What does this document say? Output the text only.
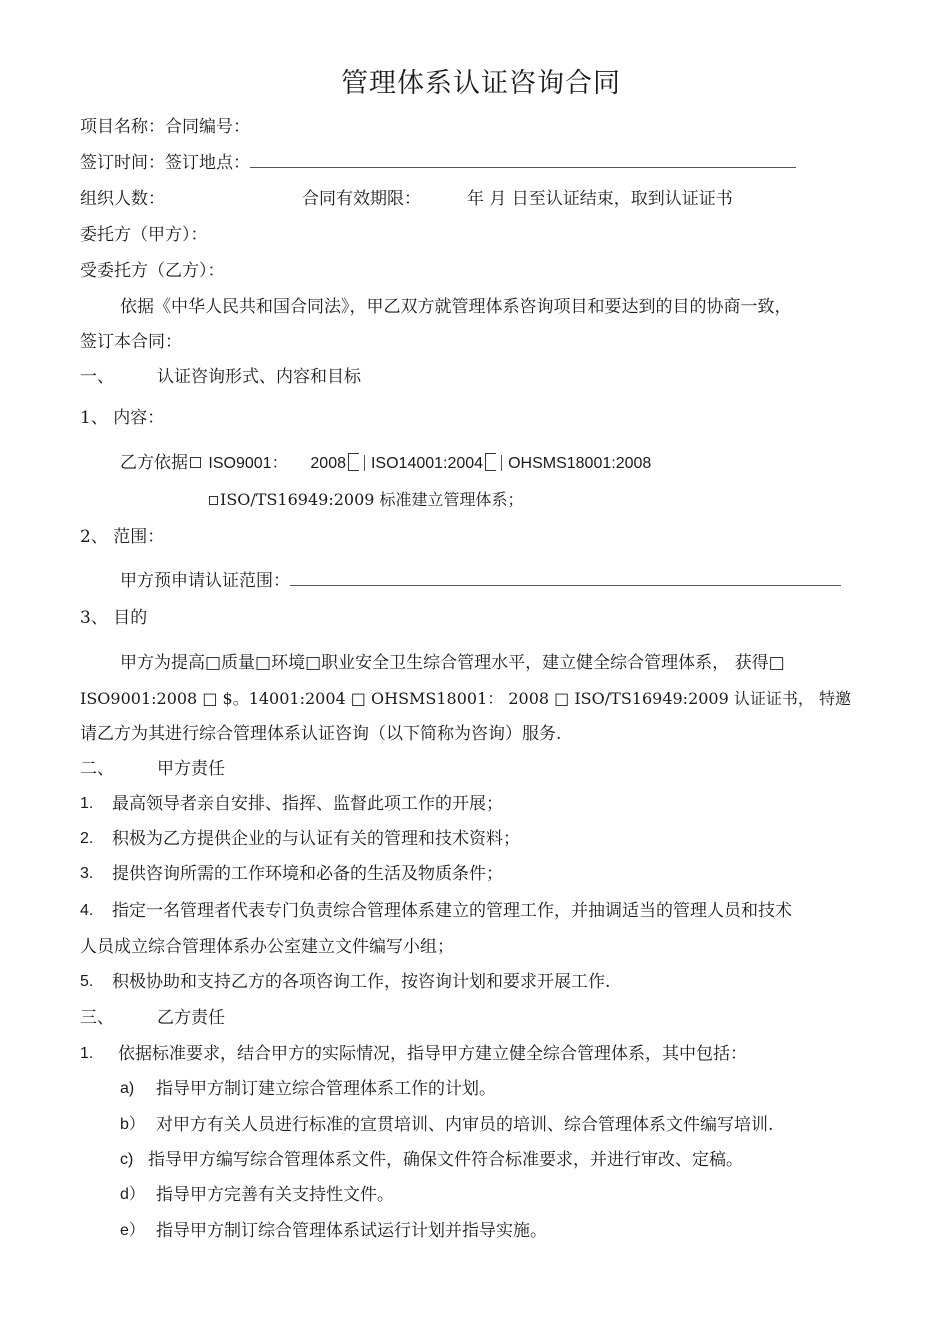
管理体系认证咨询合同
项目名称：合同编号：
签订时间：签订地点：
组织人数：	合同有效期限：	年 月 日至认证结束，取到认证证书
委托方（甲方）：
受委托方（乙方）：
依据《中华人民共和国合同法》，甲乙双方就管理体系咨询项目和要达到的目的协商一致，
签订本合同：
一、	认证咨询形式、内容和目标
1、 内容：
乙方依据 ISO9001： 2008 ISO14001:2004 OHSMS18001:2008
ISO/TS16949:2009 标准建立管理体系；
2、 范围：
甲方预申请认证范围：
3、 目的
甲方为提高□质量□环境□职业安全卫生综合管理水平，建立健全综合管理体系， 获得□
ISO9001:2008 □ $。14001:2004 □ OHSMS18001： 2008 □ ISO/TS16949:2009 认证证书， 特邀
请乙方为其进行综合管理体系认证咨询（以下简称为咨询）服务.
二、	甲方责任
1. 最高领导者亲自安排、指挥、监督此项工作的开展；
2. 积极为乙方提供企业的与认证有关的管理和技术资料；
3. 提供咨询所需的工作环境和必备的生活及物质条件；
4. 指定一名管理者代表专门负责综合管理体系建立的管理工作，并抽调适当的管理人员和技术
人员成立综合管理体系办公室建立文件编写小组；
5. 积极协助和支持乙方的各项咨询工作，按咨询计划和要求开展工作.
三、	乙方责任
1. 依据标准要求，结合甲方的实际情况，指导甲方建立健全综合管理体系，其中包括：
a) 指导甲方制订建立综合管理体系工作的计划。
b） 对甲方有关人员进行标准的宣贯培训、内审员的培训、综合管理体系文件编写培训.
c) 指导甲方编写综合管理体系文件，确保文件符合标准要求，并进行审改、定稿。
d） 指导甲方完善有关支持性文件。
e） 指导甲方制订综合管理体系试运行计划并指导实施。
